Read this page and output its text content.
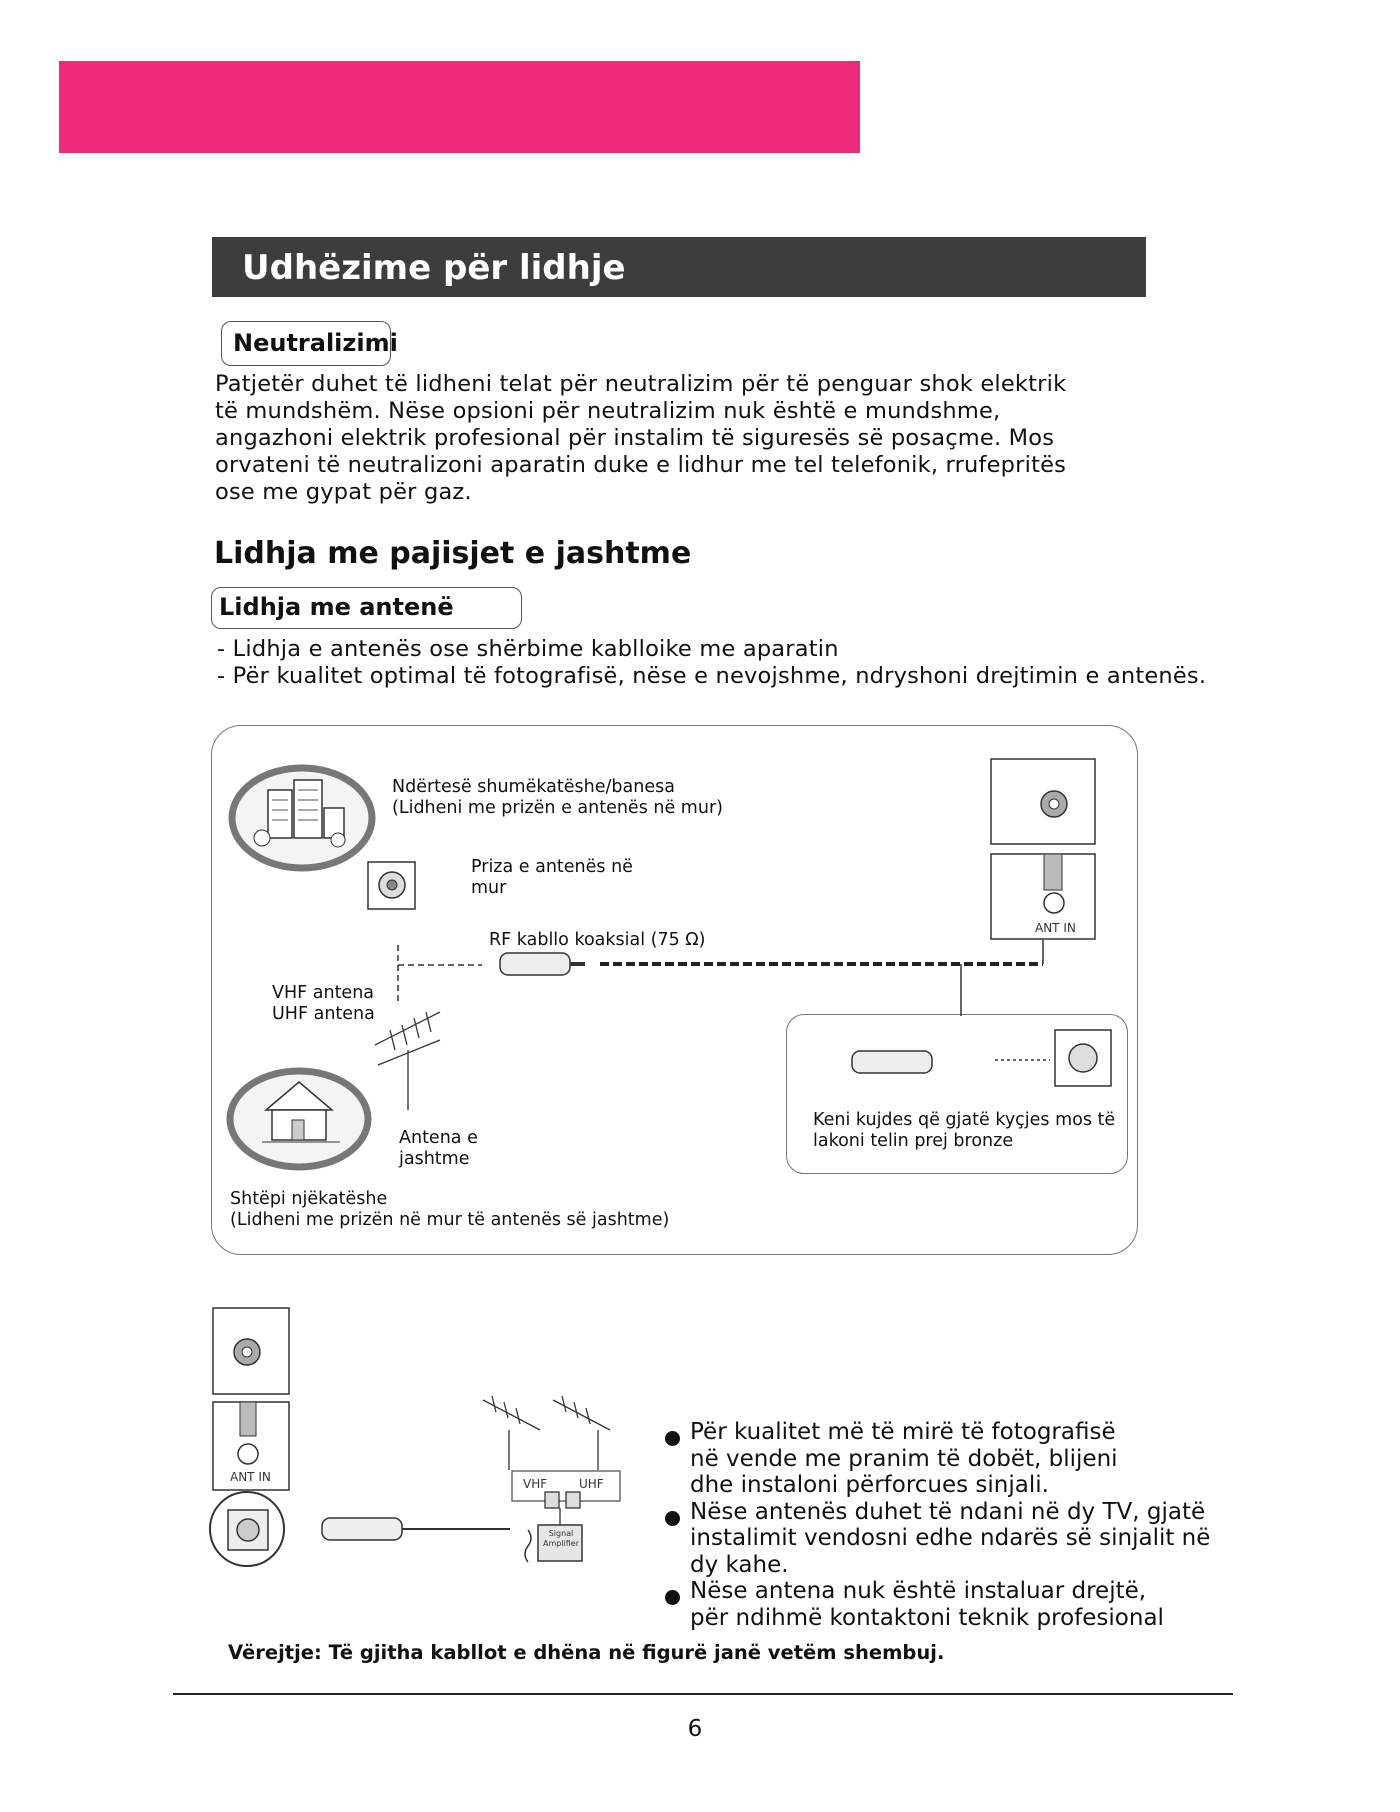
Udhëzime për lidhje
Neutralizimi

Patjetër duhet të lidheni telat për neutralizim për të penguar shok elektrik
të mundshëm. Nëse opsioni për neutralizim nuk është e mundshme,
angazhoni elektrik profesional për instalim të siguresës së posaçme. Mos
orvateni të neutralizoni aparatin duke e lidhur me tel telefonik, rrufepritës
ose me gypat për gaz.

Lidhja me pajisjet e jashtme
Lidhja me antenë
- Lidhja e antenës ose shërbime kablloike me aparatin
- Për kualitet optimal të fotografisë, nëse e nevojshme, ndryshoni drejtimin e antenës.
Ndërtesë shumëkatëshe/banesa
(Lidheni me prizën e antenës në mur)
Priza e antenës në
mur
RF kabllo koaksial (75 Ω)
VHF antena
UHF antena
Antena e
jashtme
Shtëpi njëkatëshe
(Lidheni me prizën në mur të antenës së jashtme)
Keni kujdes që gjatë kyçjes mos të
lakoni telin prej bronze
ANT IN
ANT IN	VHF	UHF
Signal
Amplifier
Për kualitet më të mirë të fotografisë
në vende me pranim të dobët, blijeni
dhe instaloni përforcues sinjali.
Nëse antenës duhet të ndani në dy TV, gjatë
instalimit vendosni edhe ndarës së sinjalit në
dy kahe.
Nëse antena nuk është instaluar drejtë,
për ndihmë kontaktoni teknik profesional
Vërejtje: Të gjitha kabllot e dhëna në figurë janë vetëm shembuj.
6
